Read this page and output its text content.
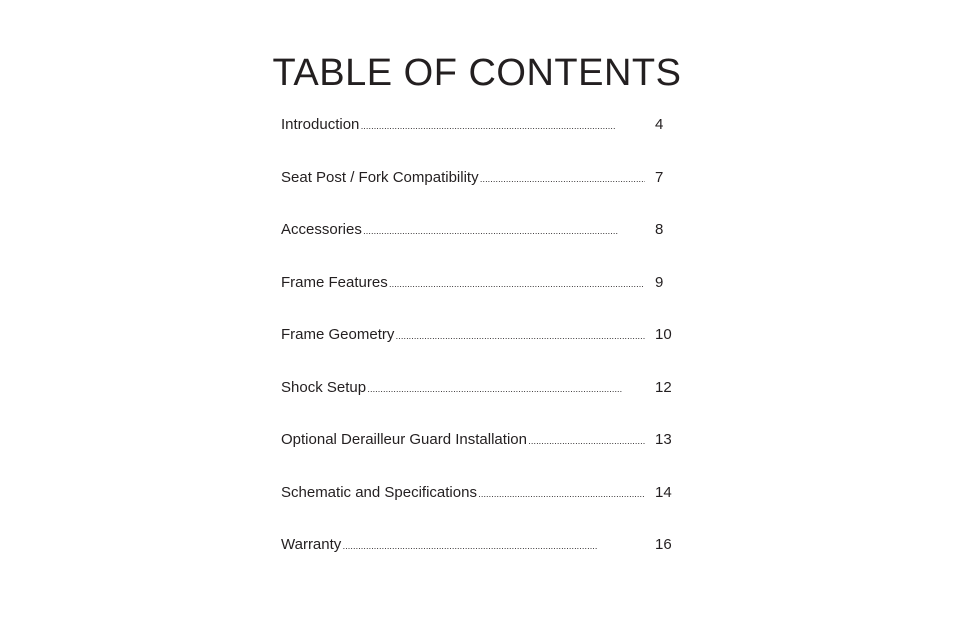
TABLE OF CONTENTS
Introduction . . .	4
Seat Post / Fork Compatibility . . .	7
Accessories . . .	8
Frame Features . . .	9
Frame Geometry . . .	10
Shock Setup . . .	12
Optional Derailleur Guard Installation . . .	13
Schematic and Specifications . . .	14
Warranty . . .	16
